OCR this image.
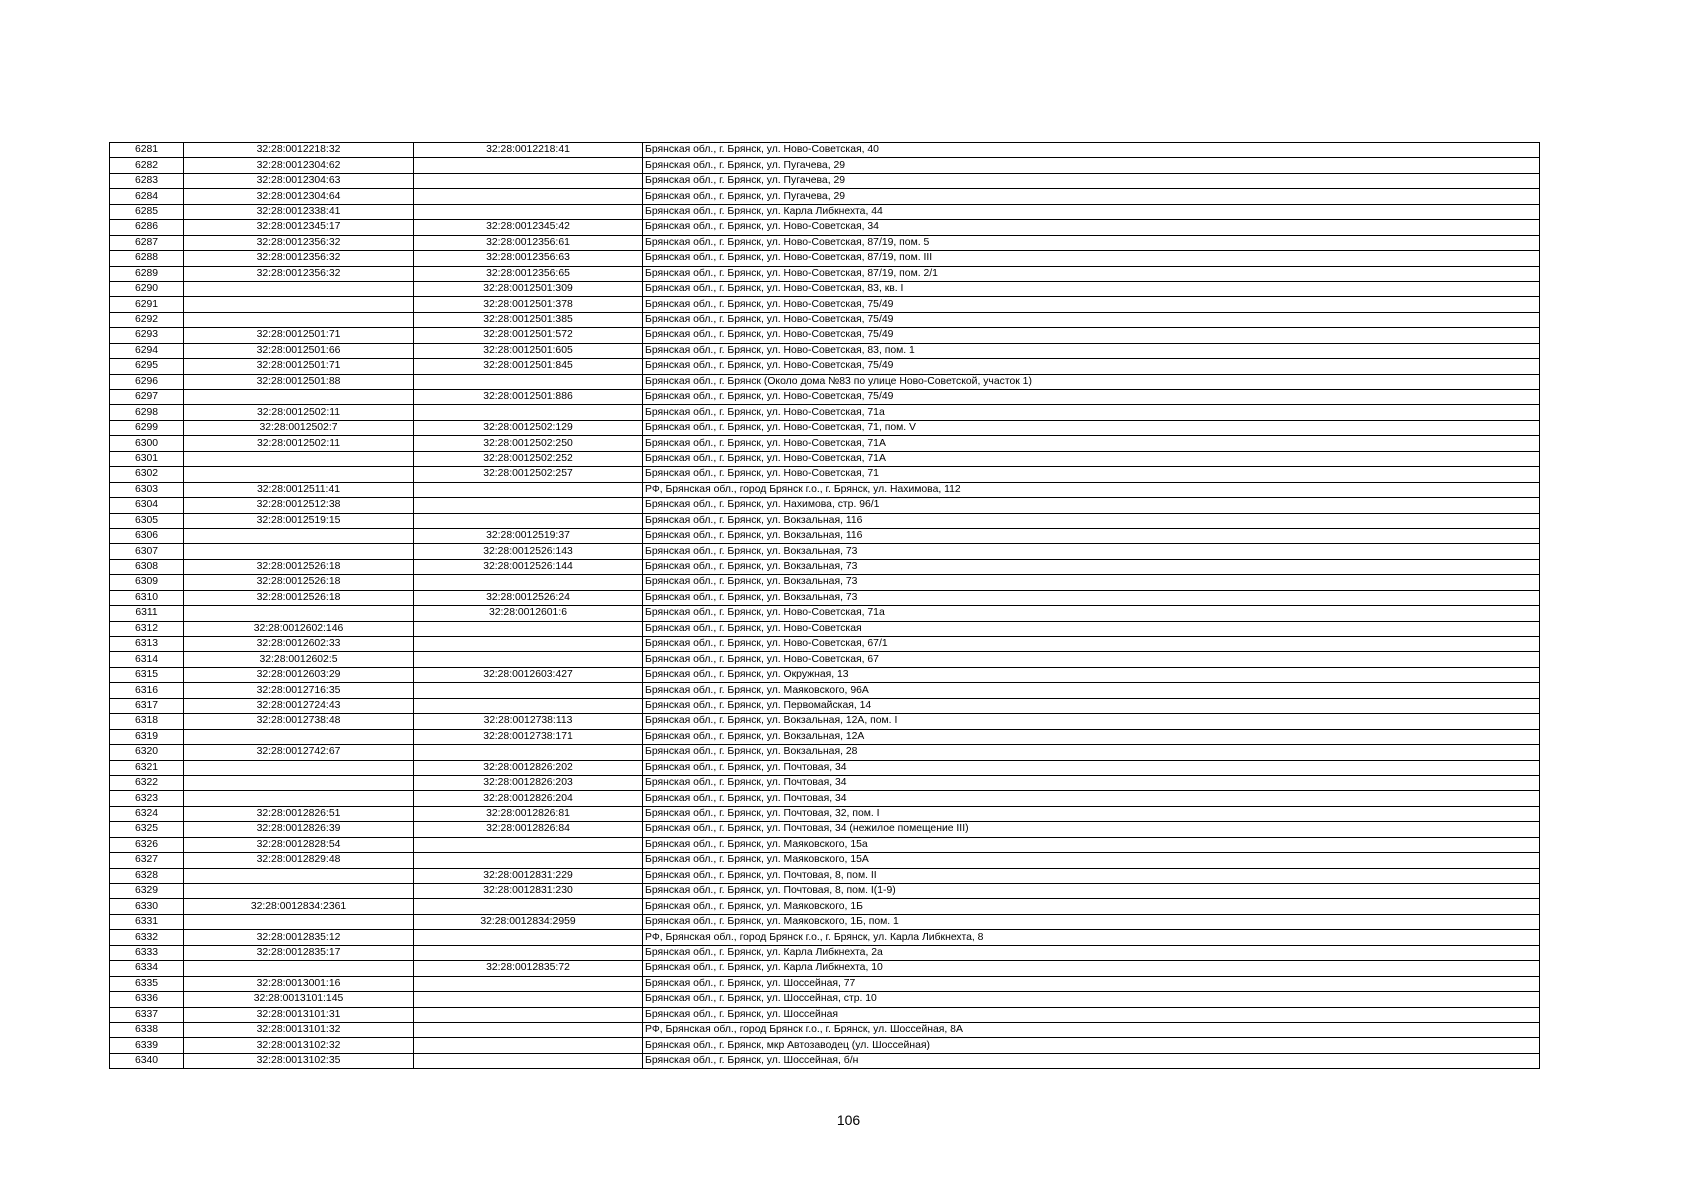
6281	32:28:0012218:32	32:28:0012218:41	Брянская обл., г. Брянск, ул. Ново-Советская, 40
6282	32:28:0012304:62		Брянская обл., г. Брянск, ул. Пугачева, 29
6283	32:28:0012304:63		Брянская обл., г. Брянск, ул. Пугачева, 29
6284	32:28:0012304:64		Брянская обл., г. Брянск, ул. Пугачева, 29
6285	32:28:0012338:41		Брянская обл., г. Брянск, ул. Карла Либкнехта, 44
6286	32:28:0012345:17	32:28:0012345:42	Брянская обл., г. Брянск, ул. Ново-Советская, 34
6287	32:28:0012356:32	32:28:0012356:61	Брянская обл., г. Брянск, ул. Ново-Советская, 87/19, пом. 5
6288	32:28:0012356:32	32:28:0012356:63	Брянская обл., г. Брянск, ул. Ново-Советская, 87/19, пом. III
6289	32:28:0012356:32	32:28:0012356:65	Брянская обл., г. Брянск, ул. Ново-Советская, 87/19, пом. 2/1
6290		32:28:0012501:309	Брянская обл., г. Брянск, ул. Ново-Советская, 83, кв. I
6291		32:28:0012501:378	Брянская обл., г. Брянск, ул. Ново-Советская, 75/49
6292		32:28:0012501:385	Брянская обл., г. Брянск, ул. Ново-Советская, 75/49
6293	32:28:0012501:71	32:28:0012501:572	Брянская обл., г. Брянск, ул. Ново-Советская, 75/49
6294	32:28:0012501:66	32:28:0012501:605	Брянская обл., г. Брянск, ул. Ново-Советская, 83, пом. 1
6295	32:28:0012501:71	32:28:0012501:845	Брянская обл., г. Брянск, ул. Ново-Советская, 75/49
6296	32:28:0012501:88		Брянская обл., г. Брянск (Около дома №83 по улице Ново-Советской, участок 1)
6297		32:28:0012501:886	Брянская обл., г. Брянск, ул. Ново-Советская, 75/49
6298	32:28:0012502:11		Брянская обл., г. Брянск, ул. Ново-Советская, 71а
6299	32:28:0012502:7	32:28:0012502:129	Брянская обл., г. Брянск, ул. Ново-Советская, 71, пом. V
6300	32:28:0012502:11	32:28:0012502:250	Брянская обл., г. Брянск, ул. Ново-Советская, 71А
6301		32:28:0012502:252	Брянская обл., г. Брянск, ул. Ново-Советская, 71А
6302		32:28:0012502:257	Брянская обл., г. Брянск, ул. Ново-Советская, 71
6303	32:28:0012511:41		РФ, Брянская обл., город Брянск г.о., г. Брянск, ул. Нахимова, 112
6304	32:28:0012512:38		Брянская обл., г. Брянск, ул. Нахимова, стр. 96/1
6305	32:28:0012519:15		Брянская обл., г. Брянск, ул. Вокзальная, 116
6306		32:28:0012519:37	Брянская обл., г. Брянск, ул. Вокзальная, 116
6307		32:28:0012526:143	Брянская обл., г. Брянск, ул. Вокзальная, 73
6308	32:28:0012526:18	32:28:0012526:144	Брянская обл., г. Брянск, ул. Вокзальная, 73
6309	32:28:0012526:18		Брянская обл., г. Брянск, ул. Вокзальная, 73
6310	32:28:0012526:18	32:28:0012526:24	Брянская обл., г. Брянск, ул. Вокзальная, 73
6311		32:28:0012601:6	Брянская обл., г. Брянск, ул. Ново-Советская, 71а
6312	32:28:0012602:146		Брянская обл., г. Брянск, ул. Ново-Советская
6313	32:28:0012602:33		Брянская обл., г. Брянск, ул. Ново-Советская, 67/1
6314	32:28:0012602:5		Брянская обл., г. Брянск, ул. Ново-Советская, 67
6315	32:28:0012603:29	32:28:0012603:427	Брянская обл., г. Брянск, ул. Окружная, 13
6316	32:28:0012716:35		Брянская обл., г. Брянск, ул. Маяковского, 96А
6317	32:28:0012724:43		Брянская обл., г. Брянск, ул. Первомайская, 14
6318	32:28:0012738:48	32:28:0012738:113	Брянская обл., г. Брянск, ул. Вокзальная, 12А, пом. I
6319		32:28:0012738:171	Брянская обл., г. Брянск, ул. Вокзальная, 12А
6320	32:28:0012742:67		Брянская обл., г. Брянск, ул. Вокзальная, 28
6321		32:28:0012826:202	Брянская обл., г. Брянск, ул. Почтовая, 34
6322		32:28:0012826:203	Брянская обл., г. Брянск, ул. Почтовая, 34
6323		32:28:0012826:204	Брянская обл., г. Брянск, ул. Почтовая, 34
6324	32:28:0012826:51	32:28:0012826:81	Брянская обл., г. Брянск, ул. Почтовая, 32, пом. I
6325	32:28:0012826:39	32:28:0012826:84	Брянская обл., г. Брянск, ул. Почтовая, 34 (нежилое помещение III)
6326	32:28:0012828:54		Брянская обл., г. Брянск, ул. Маяковского, 15а
6327	32:28:0012829:48		Брянская обл., г. Брянск, ул. Маяковского, 15А
6328		32:28:0012831:229	Брянская обл., г. Брянск, ул. Почтовая, 8, пом. II
6329		32:28:0012831:230	Брянская обл., г. Брянск, ул. Почтовая, 8, пом. I(1-9)
6330	32:28:0012834:2361		Брянская обл., г. Брянск, ул. Маяковского, 1Б
6331		32:28:0012834:2959	Брянская обл., г. Брянск, ул. Маяковского, 1Б, пом. 1
6332	32:28:0012835:12		РФ, Брянская обл., город Брянск г.о., г. Брянск, ул. Карла Либкнехта, 8
6333	32:28:0012835:17		Брянская обл., г. Брянск, ул. Карла Либкнехта, 2а
6334		32:28:0012835:72	Брянская обл., г. Брянск, ул. Карла Либкнехта, 10
6335	32:28:0013001:16		Брянская обл., г. Брянск, ул. Шоссейная, 77
6336	32:28:0013101:145		Брянская обл., г. Брянск, ул. Шоссейная, стр. 10
6337	32:28:0013101:31		Брянская обл., г. Брянск, ул. Шоссейная
6338	32:28:0013101:32		РФ, Брянская обл., город Брянск г.о., г. Брянск, ул. Шоссейная, 8А
6339	32:28:0013102:32		Брянская обл., г. Брянск, мкр Автозаводец (ул. Шоссейная)
6340	32:28:0013102:35		Брянская обл., г. Брянск, ул. Шоссейная, б/н
106
